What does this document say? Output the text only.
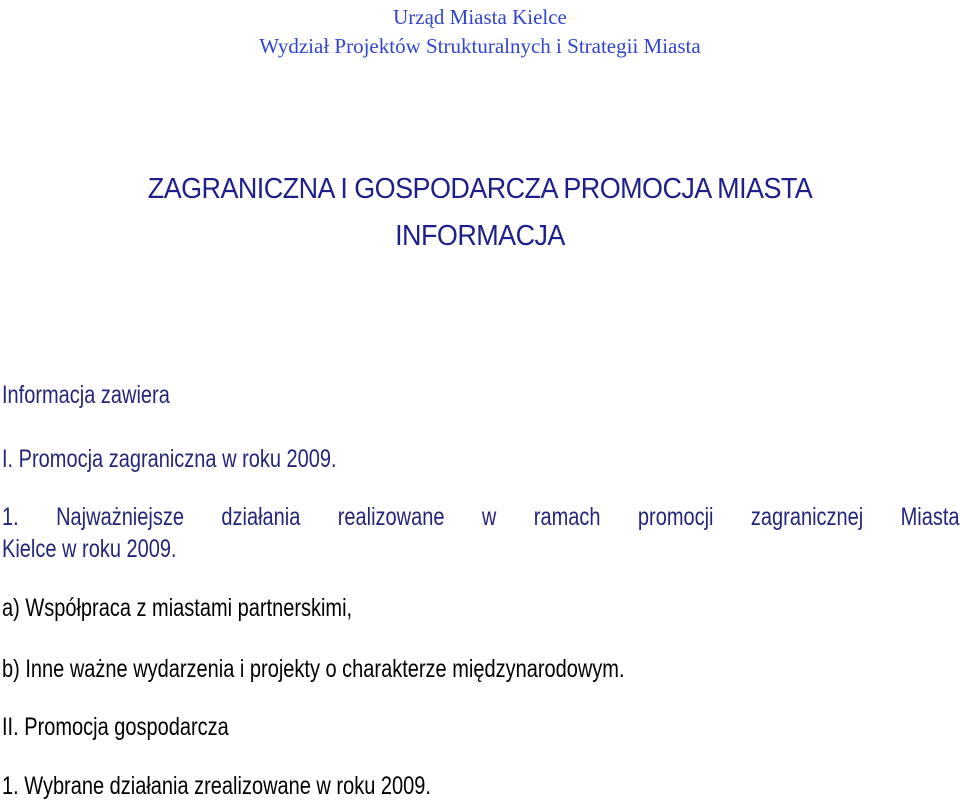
Urząd Miasta Kielce
Wydział Projektów Strukturalnych i Strategii Miasta
ZAGRANICZNA I GOSPODARCZA PROMOCJA MIASTA
INFORMACJA
Informacja zawiera
I. Promocja zagraniczna w roku 2009.
1. Najważniejsze działania realizowane w ramach promocji zagranicznej Miasta
Kielce w roku 2009.
a) Współpraca z miastami partnerskimi,
b) Inne ważne wydarzenia i projekty o charakterze międzynarodowym.
II. Promocja gospodarcza
1. Wybrane działania zrealizowane w roku 2009.
